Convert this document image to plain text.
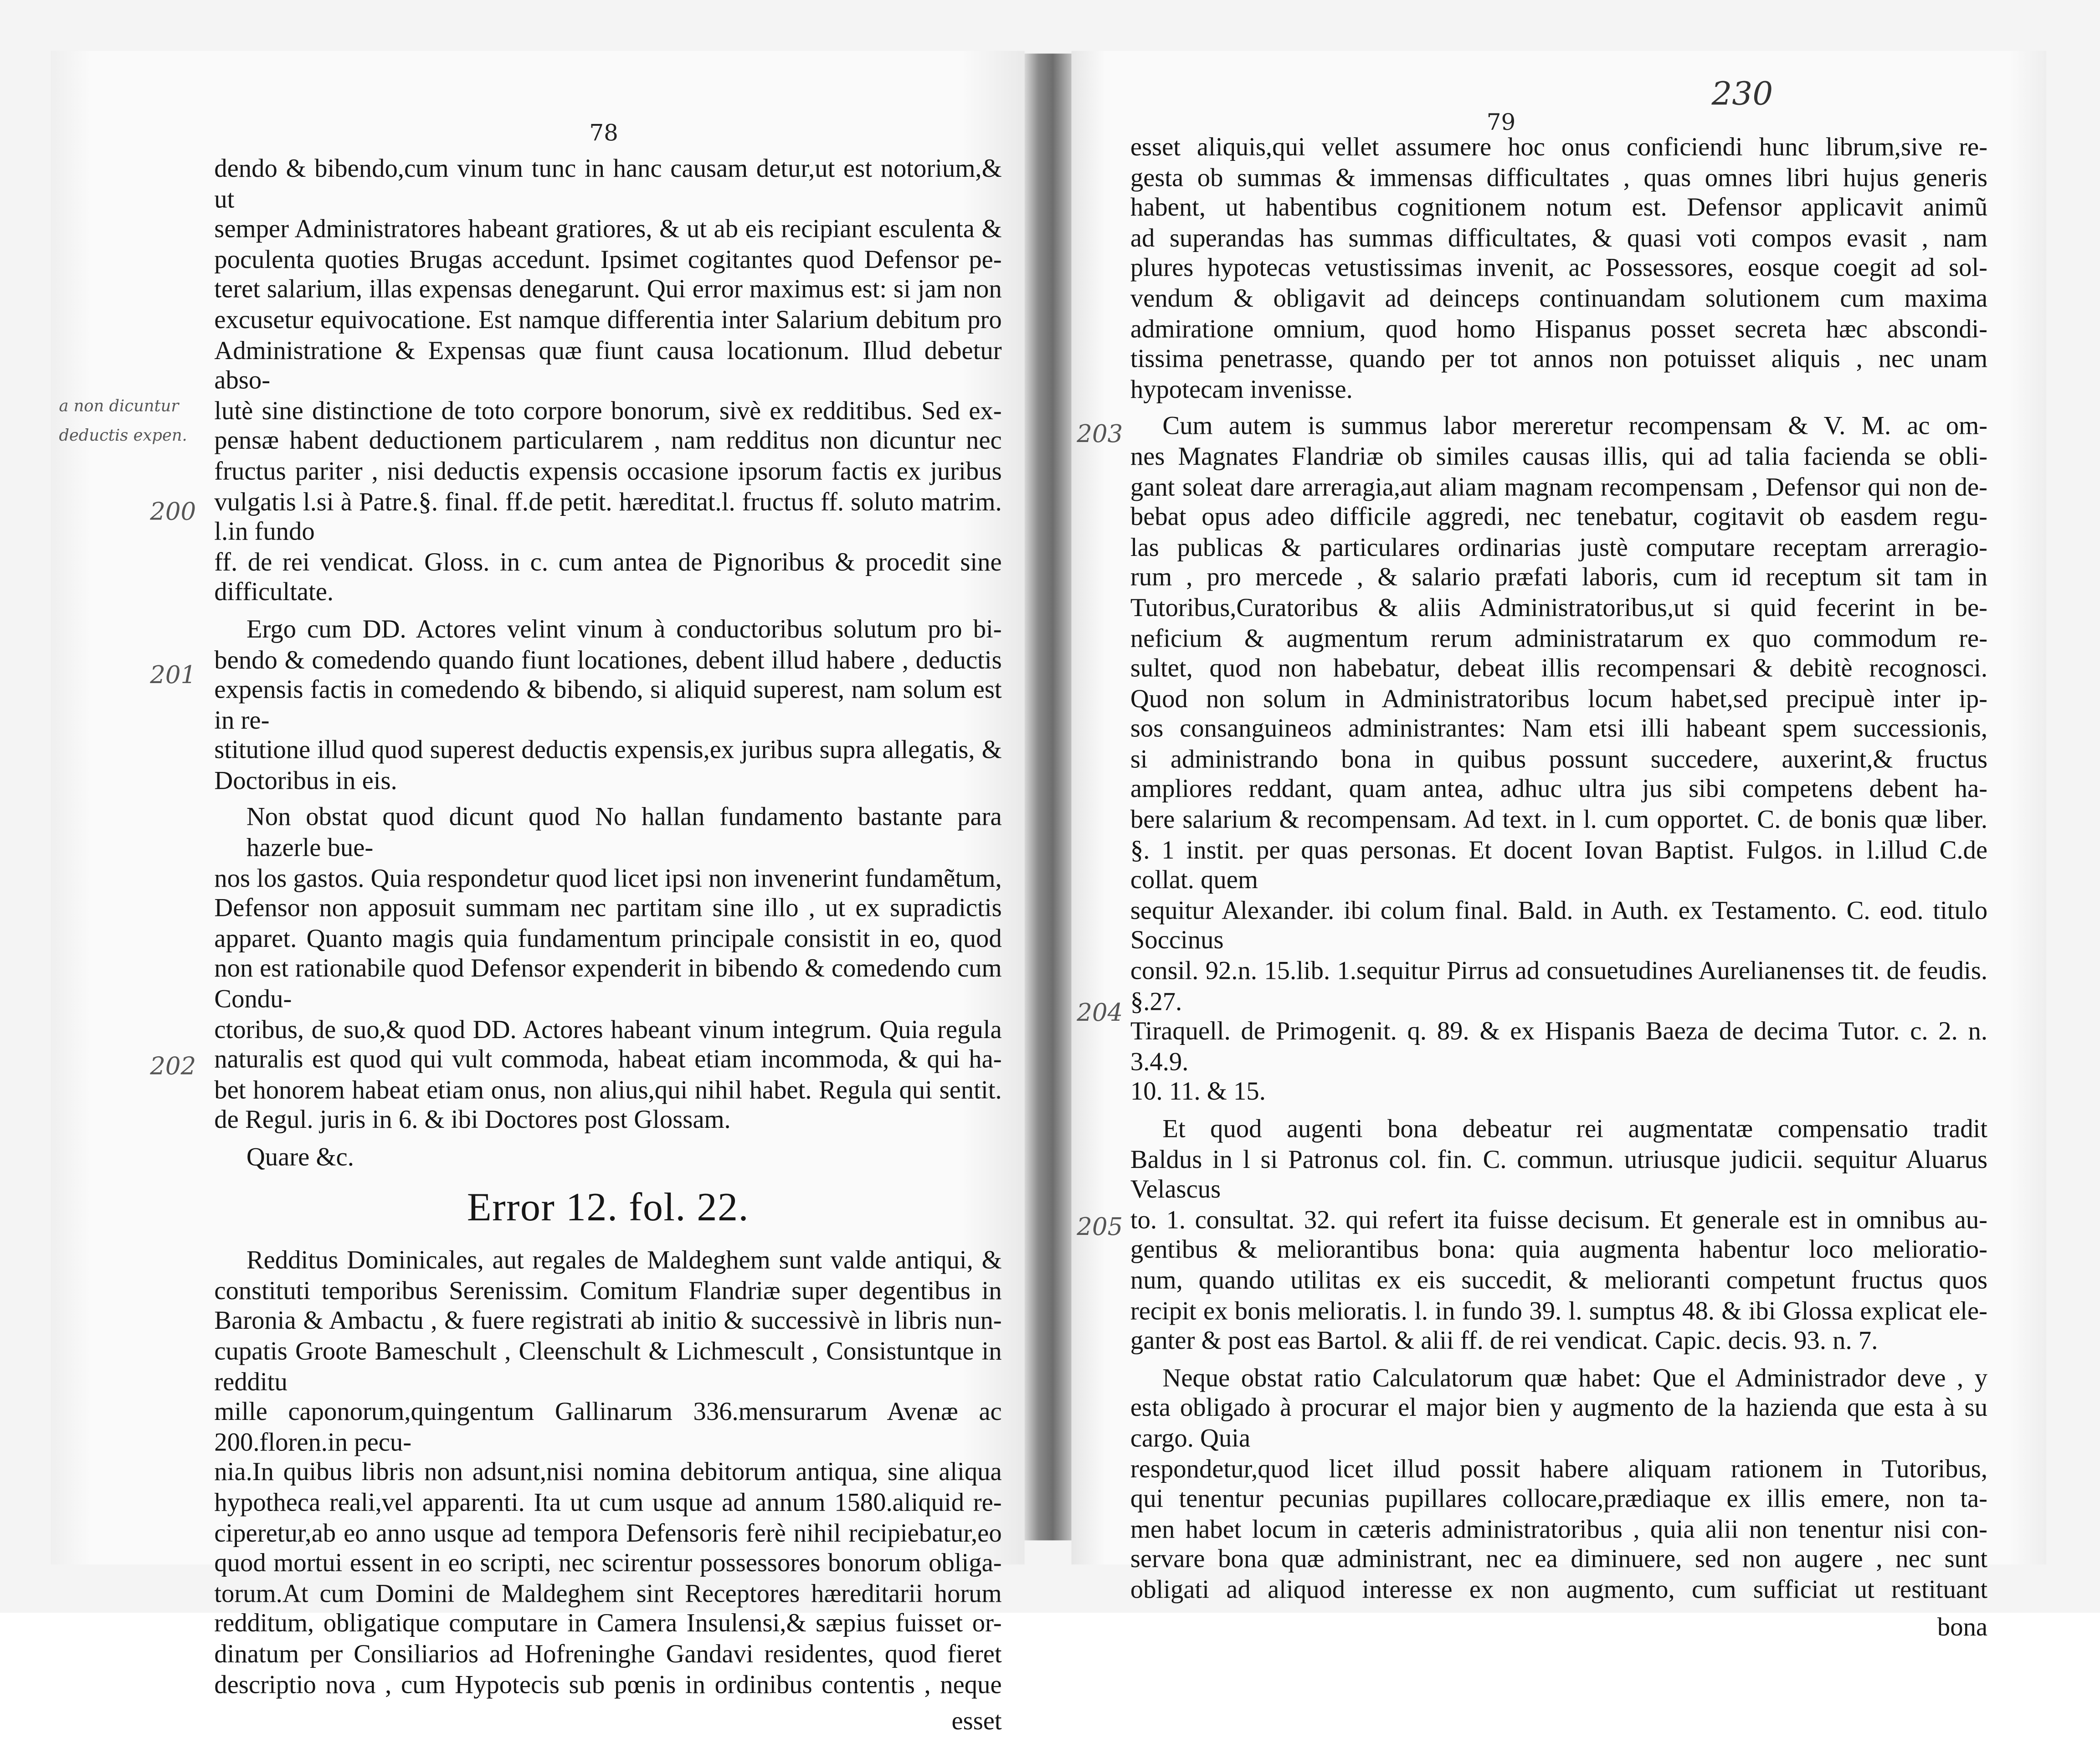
78
a non dicuntur
deductis expen.
200
201
202
dendo & bibendo,cum vinum tunc in hanc causam detur,ut est notorium,& ut
semper Administratores habeant gratiores, & ut ab eis recipiant esculenta &
poculenta quoties Brugas accedunt. Ipsimet cogitantes quod Defensor pe-
teret salarium, illas expensas denegarunt. Qui error maximus est: si jam non
excusetur equivocatione. Est namque differentia inter Salarium debitum pro
Administratione & Expensas quæ fiunt causa locationum. Illud debetur abso-
lutè sine distinctione de toto corpore bonorum, sivè ex redditibus. Sed ex-
pensæ habent deductionem particularem , nam redditus non dicuntur nec
fructus pariter , nisi deductis expensis occasione ipsorum factis ex juribus
vulgatis l.si à Patre.§. final. ff.de petit. hæreditat.l. fructus ff. soluto matrim. l.in fundo
ff. de rei vendicat. Gloss. in c. cum antea de Pignoribus & procedit sine difficultate.
Ergo cum DD. Actores velint vinum à conductoribus solutum pro bi-
bendo & comedendo quando fiunt locationes, debent illud habere , deductis
expensis factis in comedendo & bibendo, si aliquid superest, nam solum est in re-
stitutione illud quod superest deductis expensis,ex juribus supra allegatis, &
Doctoribus in eis.
Non obstat quod dicunt quod No hallan fundamento bastante para hazerle bue-
nos los gastos. Quia respondetur quod licet ipsi non invenerint fundamẽtum,
Defensor non apposuit summam nec partitam sine illo , ut ex supradictis
apparet. Quanto magis quia fundamentum principale consistit in eo, quod
non est rationabile quod Defensor expenderit in bibendo & comedendo cum Condu-
ctoribus, de suo,& quod DD. Actores habeant vinum integrum. Quia regula
naturalis est quod qui vult commoda, habeat etiam incommoda, & qui ha-
bet honorem habeat etiam onus, non alius,qui nihil habet. Regula qui sentit.
de Regul. juris in 6. & ibi Doctores post Glossam.
Quare &c.
Error 12. fol. 22.
Redditus Dominicales, aut regales de Maldeghem sunt valde antiqui, &
constituti temporibus Serenissim. Comitum Flandriæ super degentibus in
Baronia & Ambactu , & fuere registrati ab initio & successivè in libris nun-
cupatis Groote Bameschult , Cleenschult & Lichmescult , Consistuntque in redditu
mille caponorum,quingentum Gallinarum 336.mensurarum Avenæ ac 200.floren.in pecu-
nia.In quibus libris non adsunt,nisi nomina debitorum antiqua, sine aliqua
hypotheca reali,vel apparenti. Ita ut cum usque ad annum 1580.aliquid re-
ciperetur,ab eo anno usque ad tempora Defensoris ferè nihil recipiebatur,eo
quod mortui essent in eo scripti, nec scirentur possessores bonorum obliga-
torum.At cum Domini de Maldeghem sint Receptores hæreditarii horum
redditum, obligatique computare in Camera Insulensi,& sæpius fuisset or-
dinatum per Consiliarios ad Hofreninghe Gandavi residentes, quod fieret
descriptio nova , cum Hypotecis sub pœnis in ordinibus contentis , neque
esset
79
230
203
204
205
esset aliquis,qui vellet assumere hoc onus conficiendi hunc librum,sive re-
gesta ob summas & immensas difficultates , quas omnes libri hujus generis
habent, ut habentibus cognitionem notum est. Defensor applicavit animũ
ad superandas has summas difficultates, & quasi voti compos evasit , nam
plures hypotecas vetustissimas invenit, ac Possessores, eosque coegit ad sol-
vendum & obligavit ad deinceps continuandam solutionem cum maxima
admiratione omnium, quod homo Hispanus posset secreta hæc abscondi-
tissima penetrasse, quando per tot annos non potuisset aliquis , nec unam
hypotecam invenisse.
Cum autem is summus labor mereretur recompensam & V. M. ac om-
nes Magnates Flandriæ ob similes causas illis, qui ad talia facienda se obli-
gant soleat dare arreragia,aut aliam magnam recompensam , Defensor qui non de-
bebat opus adeo difficile aggredi, nec tenebatur, cogitavit ob easdem regu-
las publicas & particulares ordinarias justè computare receptam arreragio-
rum , pro mercede , & salario præfati laboris, cum id receptum sit tam in
Tutoribus,Curatoribus & aliis Administratoribus,ut si quid fecerint in be-
neficium & augmentum rerum administratarum ex quo commodum re-
sultet, quod non habebatur, debeat illis recompensari & debitè recognosci.
Quod non solum in Administratoribus locum habet,sed precipuè inter ip-
sos consanguineos administrantes: Nam etsi illi habeant spem successionis,
si administrando bona in quibus possunt succedere, auxerint,& fructus
ampliores reddant, quam antea, adhuc ultra jus sibi competens debent ha-
bere salarium & recompensam. Ad text. in l. cum opportet. C. de bonis quæ liber.
§. 1 instit. per quas personas. Et docent Iovan Baptist. Fulgos. in l.illud C.de collat. quem
sequitur Alexander. ibi colum final. Bald. in Auth. ex Testamento. C. eod. titulo Soccinus
consil. 92.n. 15.lib. 1.sequitur Pirrus ad consuetudines Aurelianenses tit. de feudis. §.27.
Tiraquell. de Primogenit. q. 89. & ex Hispanis Baeza de decima Tutor. c. 2. n. 3.4.9.
10. 11. & 15.
Et quod augenti bona debeatur rei augmentatæ compensatio tradit
Baldus in l si Patronus col. fin. C. commun. utriusque judicii. sequitur Aluarus Velascus
to. 1. consultat. 32. qui refert ita fuisse decisum. Et generale est in omnibus au-
gentibus & meliorantibus bona: quia augmenta habentur loco melioratio-
num, quando utilitas ex eis succedit, & melioranti competunt fructus quos
recipit ex bonis melioratis. l. in fundo 39. l. sumptus 48. & ibi Glossa explicat ele-
ganter & post eas Bartol. & alii ff. de rei vendicat. Capic. decis. 93. n. 7.
Neque obstat ratio Calculatorum quæ habet: Que el Administrador deve , y
esta obligado à procurar el major bien y augmento de la hazienda que esta à su cargo. Quia
respondetur,quod licet illud possit habere aliquam rationem in Tutoribus,
qui tenentur pecunias pupillares collocare,prædiaque ex illis emere, non ta-
men habet locum in cæteris administratoribus , quia alii non tenentur nisi con-
servare bona quæ administrant, nec ea diminuere, sed non augere , nec sunt
obligati ad aliquod interesse ex non augmento, cum sufficiat ut restituant
bona
